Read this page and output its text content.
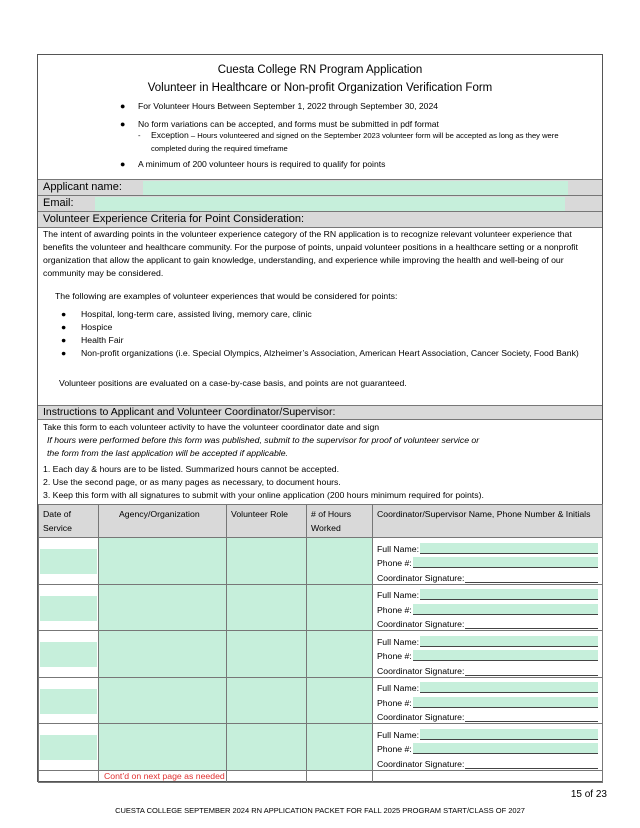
Cuesta College RN Program Application
Volunteer in Healthcare or Non-profit Organization Verification Form
● For Volunteer Hours Between September 1, 2022 through September 30, 2024
● No form variations can be accepted, and forms must be submitted in pdf format
- Exception – Hours volunteered and signed on the September 2023 volunteer form will be accepted as long as they were completed during the required timeframe
● A minimum of 200 volunteer hours is required to qualify for points
Applicant name:
Email:
Volunteer Experience Criteria for Point Consideration:
The intent of awarding points in the volunteer experience category of the RN application is to recognize relevant volunteer experience that benefits the volunteer and healthcare community. For the purpose of points, unpaid volunteer positions in a healthcare setting or a nonprofit organization that allow the applicant to gain knowledge, understanding, and experience while improving the health and well-being of our community may be considered.
The following are examples of volunteer experiences that would be considered for points:
● Hospital, long-term care, assisted living, memory care, clinic
● Hospice
● Health Fair
● Non-profit organizations (i.e. Special Olympics, Alzheimer’s Association, American Heart Association, Cancer Society, Food Bank)
Volunteer positions are evaluated on a case-by-case basis, and points are not guaranteed.
Instructions to Applicant and Volunteer Coordinator/Supervisor:
Take this form to each volunteer activity to have the volunteer coordinator date and sign
If hours were performed before this form was published, submit to the supervisor for proof of volunteer service or
the form from the last application will be accepted if applicable.
1. Each day & hours are to be listed. Summarized hours cannot be accepted.
2. Use the second page, or as many pages as necessary, to document hours.
3. Keep this form with all signatures to submit with your online application (200 hours minimum required for points).
Date of Service	Agency/Organization	Volunteer Role	# of Hours Worked	Coordinator/Supervisor Name, Phone Number & Initials

				Full Name:
Phone #:
Coordinator Signature:

				Full Name:
Phone #:
Coordinator Signature:

				Full Name:
Phone #:
Coordinator Signature:

				Full Name:
Phone #:
Coordinator Signature:

				Full Name:
Phone #:
Coordinator Signature:

Cont’d on next page as needed
15 of 23
CUESTA COLLEGE SEPTEMBER 2024 RN APPLICATION PACKET FOR FALL 2025 PROGRAM START/CLASS OF 2027
